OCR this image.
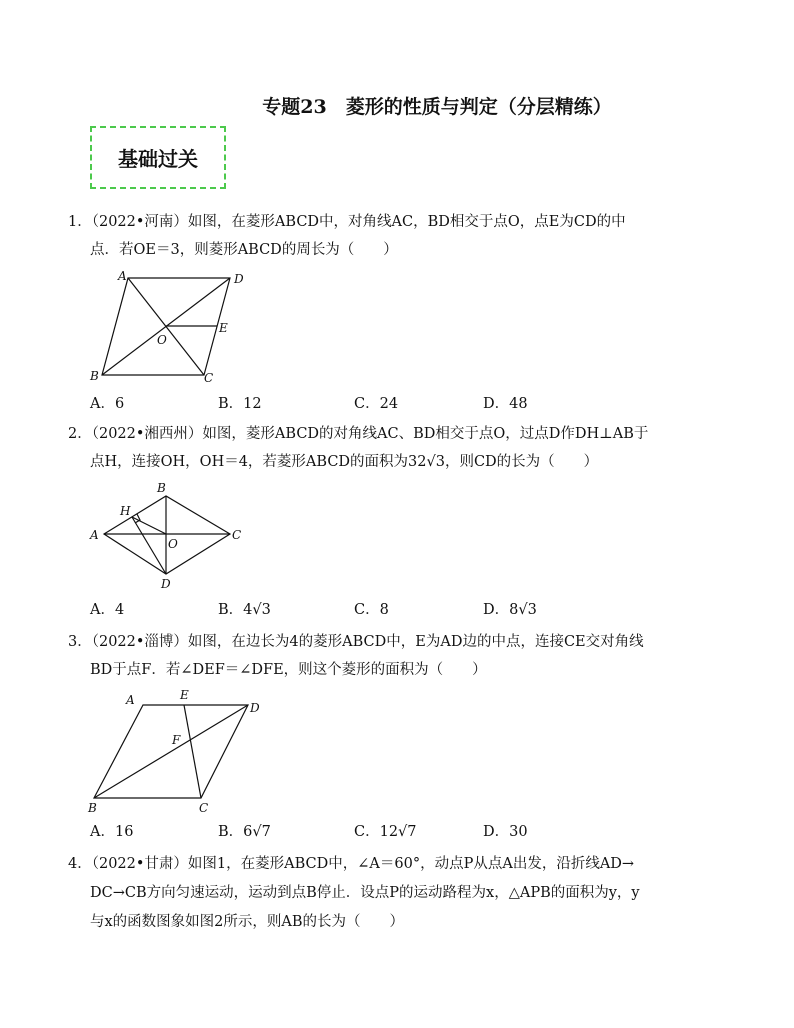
专题23　菱形的性质与判定（分层精练）
基础过关
1．（2022•河南）如图，在菱形ABCD中，对角线AC，BD相交于点O，点E为CD的中
点．若OE＝3，则菱形ABCD的周长为（　　）
A	D
E
O
B	C
A．6	B．12	C．24	D．48
2．（2022•湘西州）如图，菱形ABCD的对角线AC、BD相交于点O，过点D作DH⊥AB于
点H，连接OH，OH＝4，若菱形ABCD的面积为32√3，则CD的长为（　　）
B
H
A
O
C
D
A．4	B．4√3	C．8	D．8√3
3．（2022•淄博）如图，在边长为4的菱形ABCD中，E为AD边的中点，连接CE交对角线
BD于点F．若∠DEF＝∠DFE，则这个菱形的面积为（　　）
A	E
D
F
B	C
A．16	B．6√7	C．12√7	D．30
4．（2022•甘肃）如图1，在菱形ABCD中，∠A＝60°，动点P从点A出发，沿折线AD→
DC→CB方向匀速运动，运动到点B停止．设点P的运动路程为x，△APB的面积为y，y
与x的函数图象如图2所示，则AB的长为（　　）
